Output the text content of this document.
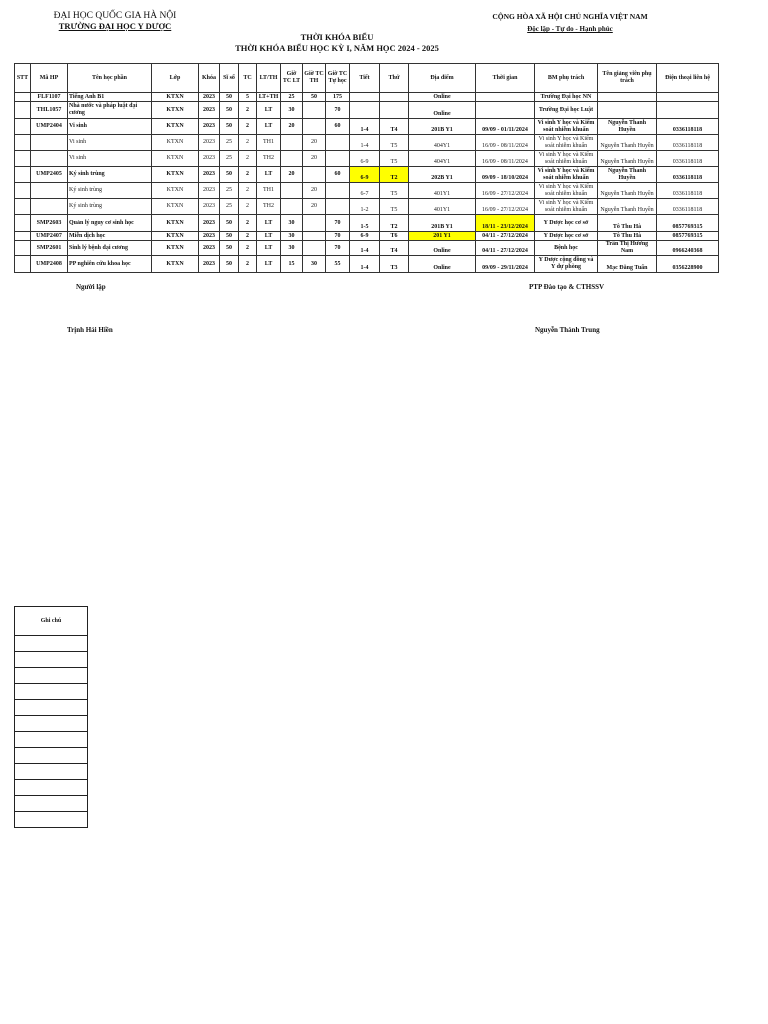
ĐẠI HỌC QUỐC GIA HÀ NỘI
TRƯỜNG ĐẠI HỌC Y DƯỢC
CỘNG HÒA XÃ HỘI CHỦ NGHĨA VIỆT NAM
Độc lập - Tự do - Hạnh phúc
THỜI KHÓA BIỂU
THỜI KHÓA BIỂU HỌC KỲ I, NĂM HỌC 2024 - 2025
STT	Mã HP	Tên học phần	Lớp	Khóa	Sĩ số	TC	LT/TH	Giờ TC LT	Giờ TC TH	Giờ TC Tự học	Tiết	Thứ	Địa điểm	Thời gian	BM phụ trách	Tên giảng viên phụ trách	Điện thoại liên hệ
	FLF1107	Tiếng Anh B1	KTXN	2023	50	5	LT+TH	25	50	175			Online		Trường Đại học NN		
	THL1057	Nhà nước và pháp luật đại cương	KTXN	2023	50	2	LT	30		70			Online		Trường Đại học Luật		
	UMP2404	Vi sinh	KTXN	2023	50	2	LT	20		60	1-4	T4	201B Y1	09/09 - 01/11/2024	Vi sinh Y học và Kiểm soát nhiễm khuẩn	Nguyễn Thanh Huyền	0336118118
		Vi sinh	KTXN	2023	25	2	TH1		20		1-4	T5	404Y1	16/09 - 08/11/2024	Vi sinh Y học và Kiểm soát nhiễm khuẩn	Nguyễn Thanh Huyền	0336118118
		Vi sinh	KTXN	2023	25	2	TH2		20		6-9	T5	404Y1	16/09 - 08/11/2024	Vi sinh Y học và Kiểm soát nhiễm khuẩn	Nguyễn Thanh Huyền	0336118118
	UMP2405	Ký sinh trùng	KTXN	2023	50	2	LT	20		60	6-9	T2	202B Y1	09/09 - 18/10/2024	Vi sinh Y học và Kiểm soát nhiễm khuẩn	Nguyễn Thanh Huyền	0336118118
		Ký sinh trùng	KTXN	2023	25	2	TH1		20		6-7	T5	401Y1	16/09 - 27/12/2024	Vi sinh Y học và Kiểm soát nhiễm khuẩn	Nguyễn Thanh Huyền	0336118118
		Ký sinh trùng	KTXN	2023	25	2	TH2		20		1-2	T5	401Y1	16/09 - 27/12/2024	Vi sinh Y học và Kiểm soát nhiễm khuẩn	Nguyễn Thanh Huyền	0336118118
	SMP2603	Quản lý nguy cơ sinh học	KTXN	2023	50	2	LT	30		70	1-5	T2	201B Y1	18/11 - 23/12/2024	Y Dược học cơ sở	Tô Thu Hà	0857769315
	UMP2407	Miễn dịch học	KTXN	2023	50	2	LT	30		70	6-9	T6	201 Y1	04/11 - 27/12/2024	Y Dược học cơ sở	Tô Thu Hà	0857769315
	SMP2601	Sinh lý bệnh đại cương	KTXN	2023	50	2	LT	30		70	1-4	T4	Online	04/11 - 27/12/2024	Bệnh học	Trần Thị Hương Nam	0966240368
	UMP2408	PP nghiên cứu khoa học	KTXN	2023	50	2	LT	15	30	55	1-4	T3	Online	09/09 - 29/11/2024	Y Dược cộng đồng và Y dự phòng	Mạc Đăng Tuấn	0356228900
Người lập
Trịnh Hải Hiền
PTP Đào tạo & CTHSSV
Nguyễn Thành Trung
Ghi chú
